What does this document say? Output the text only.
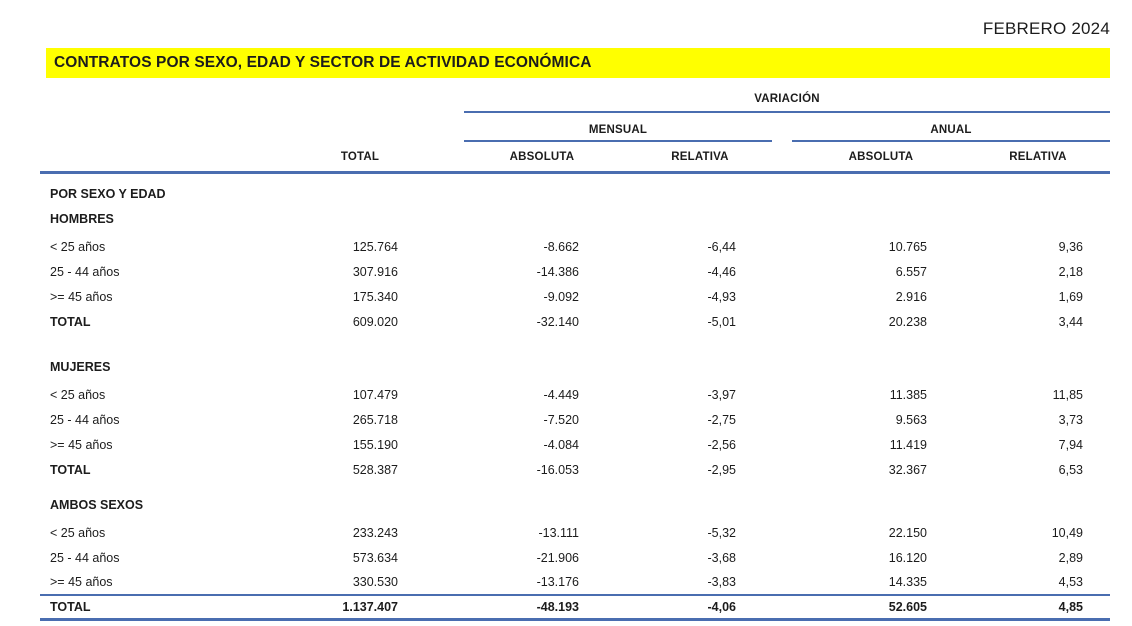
FEBRERO 2024
CONTRATOS POR SEXO, EDAD Y SECTOR DE ACTIVIDAD ECONÓMICA
VARIACIÓN
MENSUAL	ANUAL
TOTAL	ABSOLUTA	RELATIVA	ABSOLUTA	RELATIVA
POR SEXO Y EDAD
HOMBRES
< 25 años	125.764	-8.662	-6,44	10.765	9,36
25 - 44 años	307.916	-14.386	-4,46	6.557	2,18
>= 45 años	175.340	-9.092	-4,93	2.916	1,69
TOTAL	609.020	-32.140	-5,01	20.238	3,44
MUJERES
< 25 años	107.479	-4.449	-3,97	11.385	11,85
25 - 44 años	265.718	-7.520	-2,75	9.563	3,73
>= 45 años	155.190	-4.084	-2,56	11.419	7,94
TOTAL	528.387	-16.053	-2,95	32.367	6,53
AMBOS SEXOS
< 25 años	233.243	-13.111	-5,32	22.150	10,49
25 - 44 años	573.634	-21.906	-3,68	16.120	2,89
>= 45 años	330.530	-13.176	-3,83	14.335	4,53
TOTAL	1.137.407	-48.193	-4,06	52.605	4,85
